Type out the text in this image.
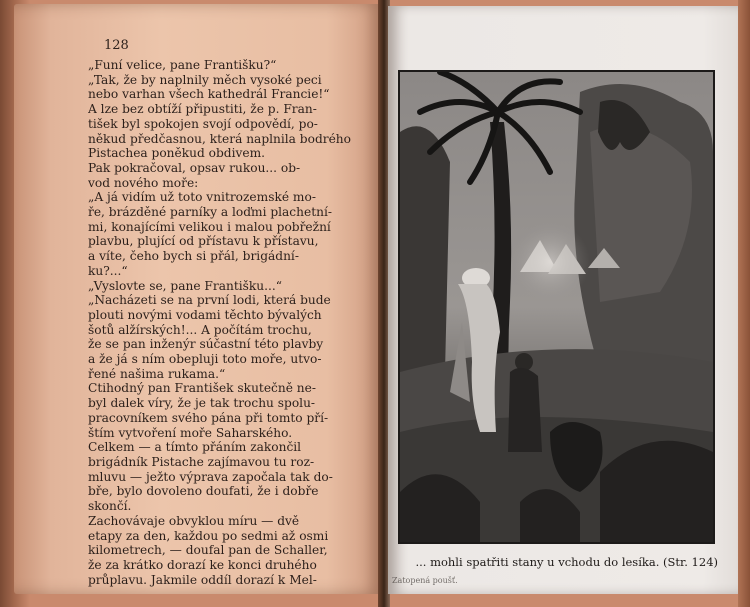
128
„Funí velice, pane Františku?“
„Tak, že by naplnily měch vysoké peci
nebo varhan všech kathedrál Francie!“
A lze bez obtíží připustiti, že p. Fran-
tišek byl spokojen svojí odpovědí, po-
někud předčasnou, která naplnila bodrého
Pistachea poněkud obdivem.
Pak pokračoval, opsav rukou... ob-
vod nového moře:
„A já vidím už toto vnitrozemské mo-
ře, brázděné parníky a loďmi plachetní-
mi, konajícími velikou i malou pobřežní
plavbu, plující od přístavu k přístavu,
a víte, čeho bych si přál, brigádní-
ku?...“
„Vyslovte se, pane Františku...“
„Nacházeti se na první lodi, která bude
plouti novými vodami těchto bývalých
šotů alžírských!... A počítám trochu,
že se pan inženýr súčastní této plavby
a že já s ním obepluji toto moře, utvo-
řené našima rukama.“
Ctihodný pan František skutečně ne-
byl dalek víry, že je tak trochu spolu-
pracovníkem svého pána při tomto pří-
štím vytvoření moře Saharského.
Celkem — a tímto přáním zakončil
brigádník Pistache zajímavou tu roz-
mluvu — ježto výprava započala tak do-
bře, bylo dovoleno doufati, že i dobře
skončí.
Zachovávaje obvyklou míru — dvě
etapy za den, každou po sedmi až osmi
kilometrech, — doufal pan de Schaller,
že za krátko dorazí ke konci druhého
průplavu. Jakmile oddíl dorazí k Mel-
... mohli spatřiti stany u vchodu do lesíka. (Str. 124)
Zatopená poušť.
